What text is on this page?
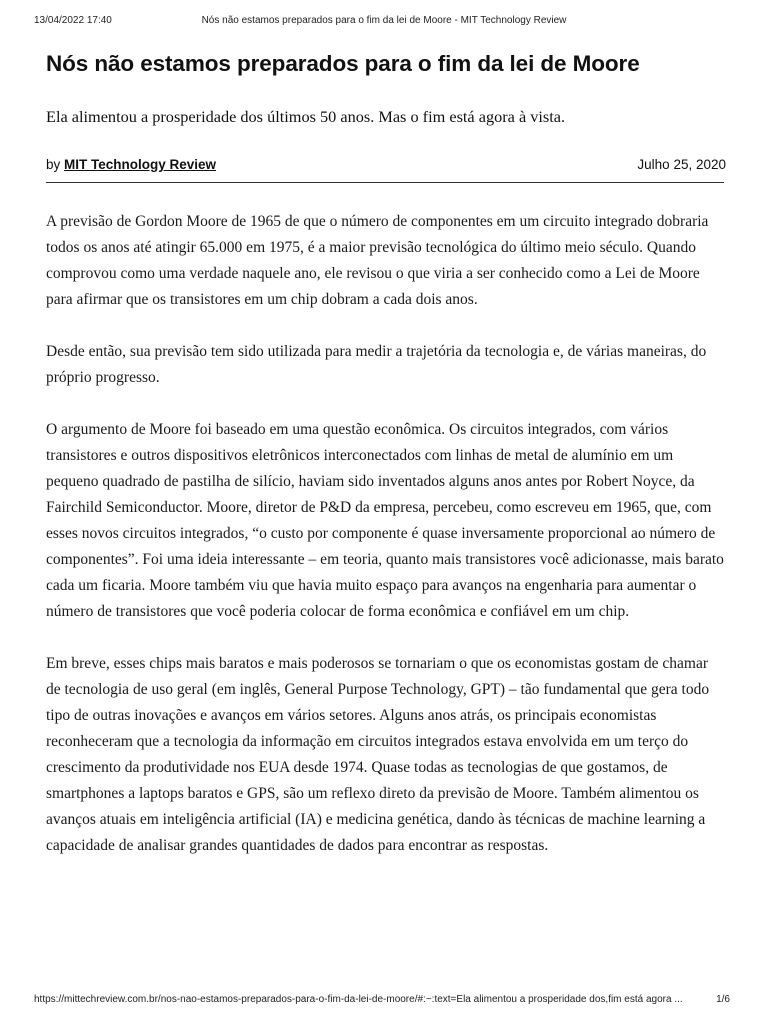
13/04/2022 17:40	Nós não estamos preparados para o fim da lei de Moore - MIT Technology Review
Nós não estamos preparados para o fim da lei de Moore

Ela alimentou a prosperidade dos últimos 50 anos. Mas o fim está agora à vista.

by MIT Technology Review	Julho 25, 2020

A previsão de Gordon Moore de 1965 de que o número de componentes em um circuito integrado dobraria todos os anos até atingir 65.000 em 1975, é a maior previsão tecnológica do último meio século. Quando comprovou como uma verdade naquele ano, ele revisou o que viria a ser conhecido como a Lei de Moore para afirmar que os transistores em um chip dobram a cada dois anos.

Desde então, sua previsão tem sido utilizada para medir a trajetória da tecnologia e, de várias maneiras, do próprio progresso.

O argumento de Moore foi baseado em uma questão econômica. Os circuitos integrados, com vários transistores e outros dispositivos eletrônicos interconectados com linhas de metal de alumínio em um pequeno quadrado de pastilha de silício, haviam sido inventados alguns anos antes por Robert Noyce, da Fairchild Semiconductor. Moore, diretor de P&D da empresa, percebeu, como escreveu em 1965, que, com esses novos circuitos integrados, “o custo por componente é quase inversamente proporcional ao número de componentes”. Foi uma ideia interessante – em teoria, quanto mais transistores você adicionasse, mais barato cada um ficaria. Moore também viu que havia muito espaço para avanços na engenharia para aumentar o número de transistores que você poderia colocar de forma econômica e confiável em um chip.

Em breve, esses chips mais baratos e mais poderosos se tornariam o que os economistas gostam de chamar de tecnologia de uso geral (em inglês, General Purpose Technology, GPT) – tão fundamental que gera todo tipo de outras inovações e avanços em vários setores. Alguns anos atrás, os principais economistas reconheceram que a tecnologia da informação em circuitos integrados estava envolvida em um terço do crescimento da produtividade nos EUA desde 1974. Quase todas as tecnologias de que gostamos, de smartphones a laptops baratos e GPS, são um reflexo direto da previsão de Moore. Também alimentou os avanços atuais em inteligência artificial (IA) e medicina genética, dando às técnicas de machine learning a capacidade de analisar grandes quantidades de dados para encontrar as respostas.

https://mittechreview.com.br/nos-nao-estamos-preparados-para-o-fim-da-lei-de-moore/#:~:text=Ela alimentou a prosperidade dos,fim está agora ...	1/6
